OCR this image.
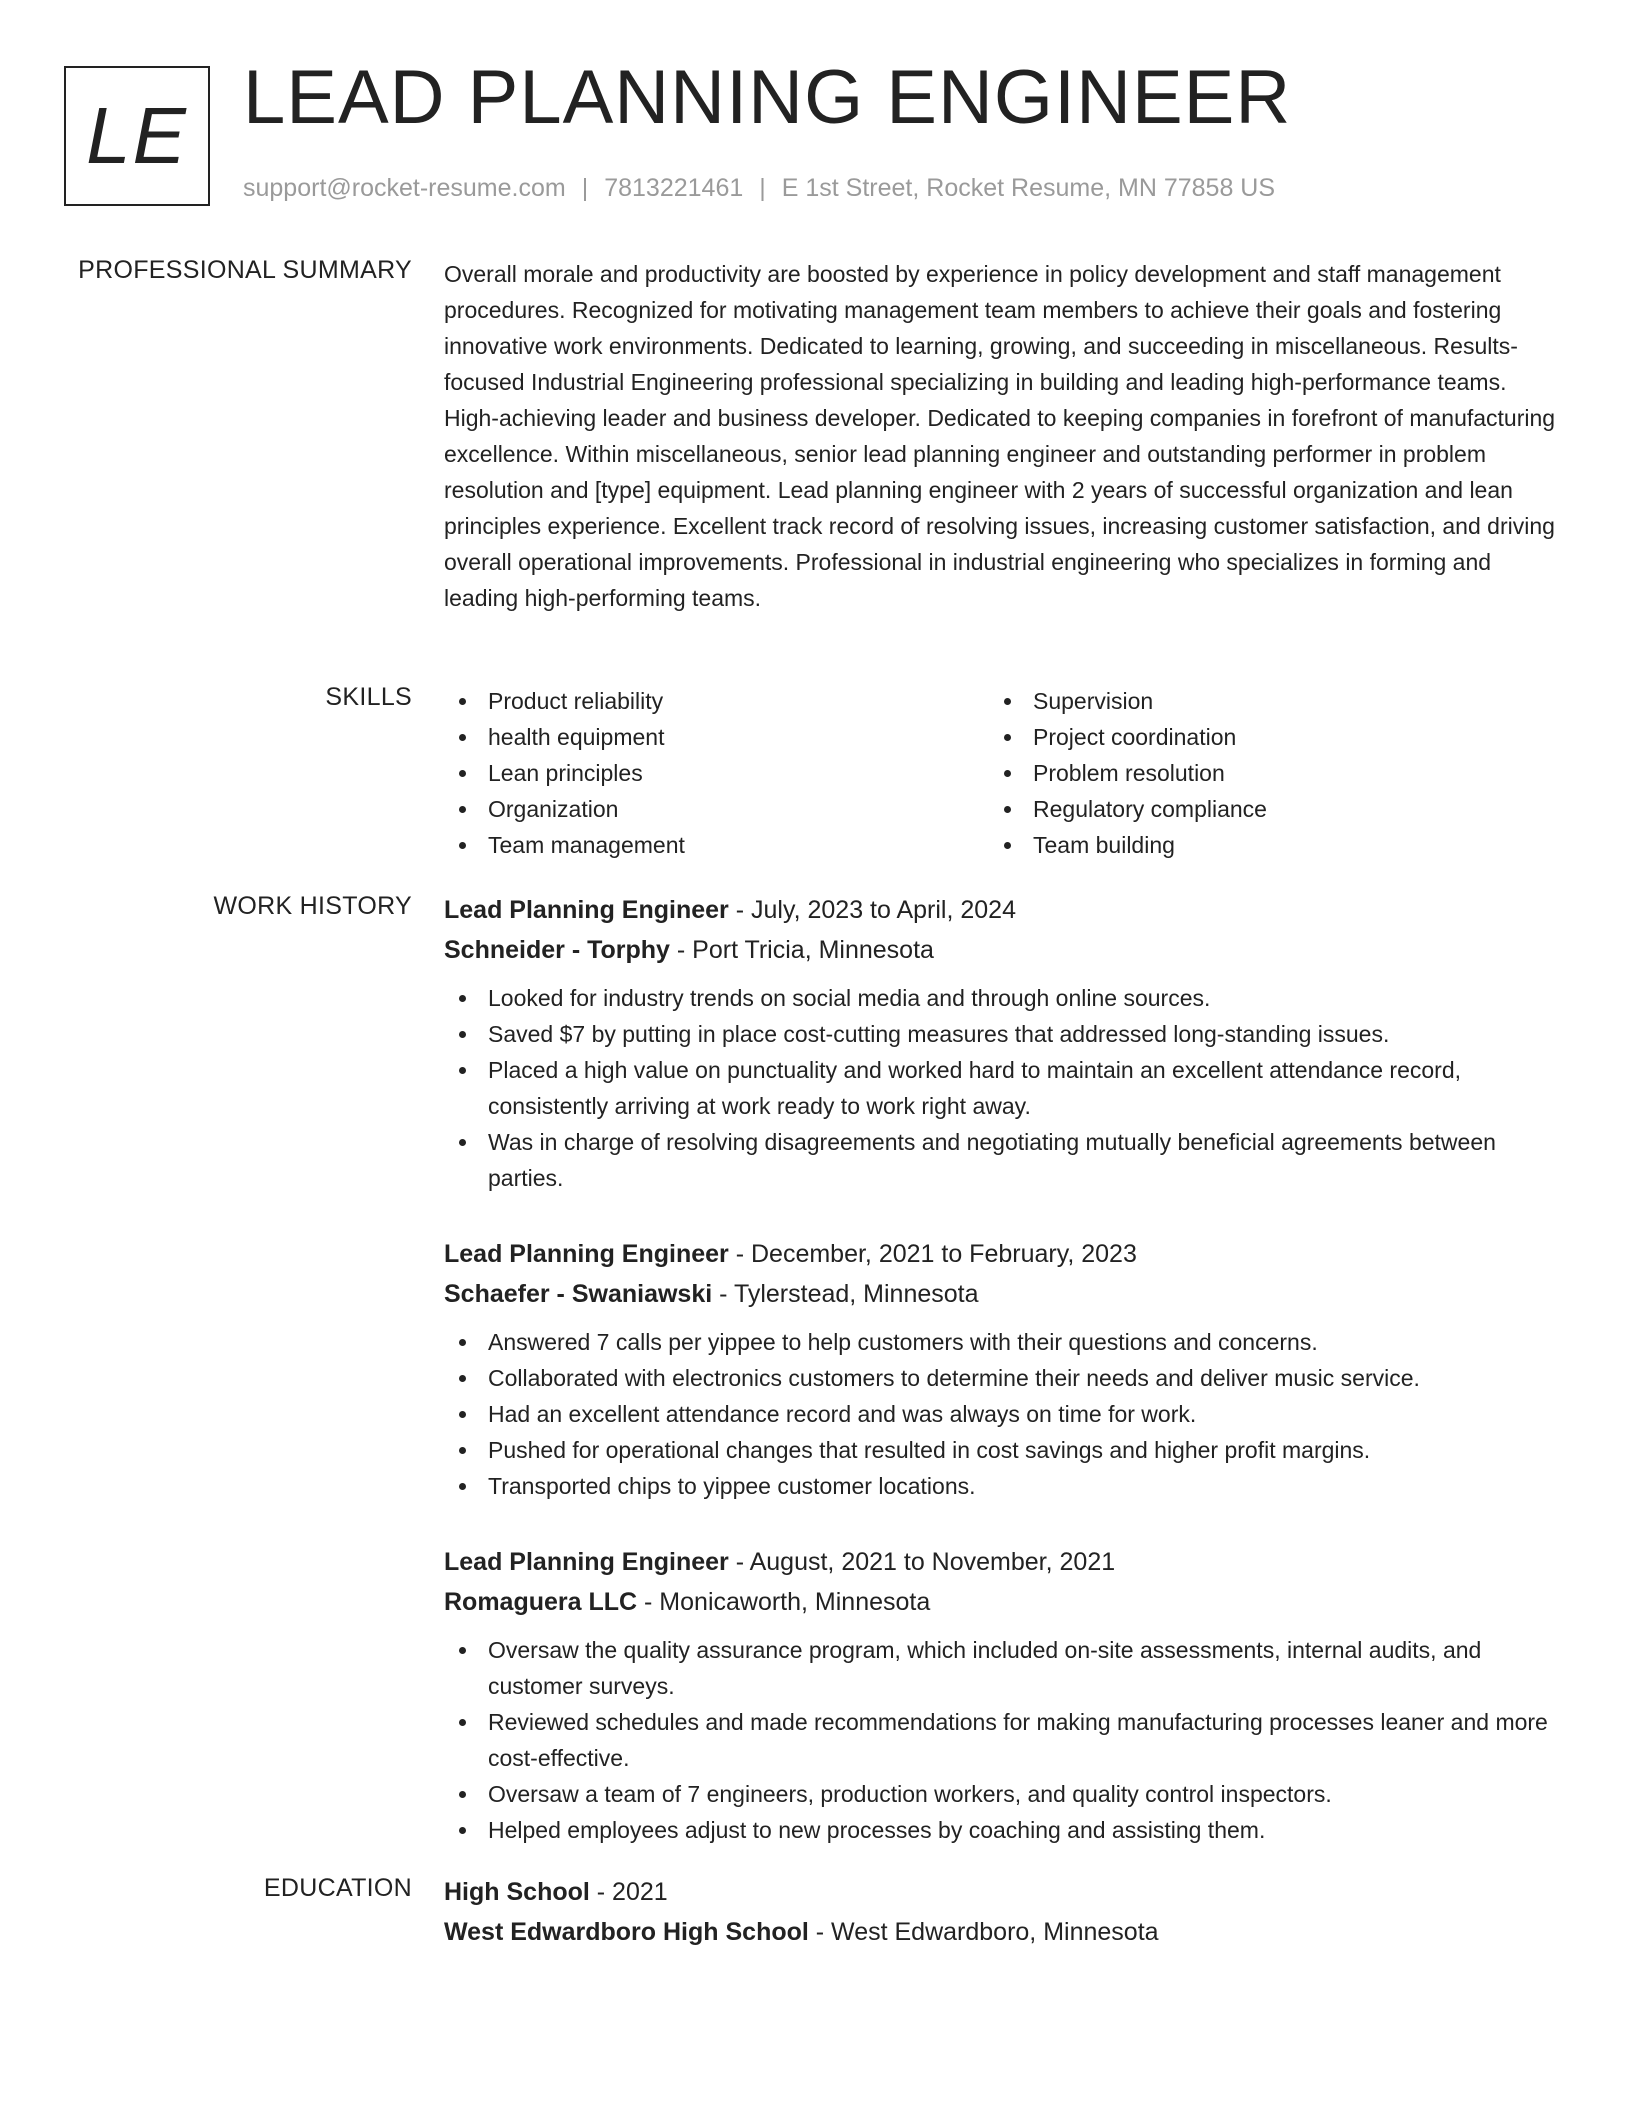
LE LEAD PLANNING ENGINEER
support@rocket-resume.com | 7813221461 | E 1st Street, Rocket Resume, MN 77858 US
PROFESSIONAL SUMMARY Overall morale and productivity are boosted by experience in policy development and staff management procedures. Recognized for motivating management team members to achieve their goals and fostering innovative work environments. Dedicated to learning, growing, and succeeding in miscellaneous. Results-focused Industrial Engineering professional specializing in building and leading high-performance teams. High-achieving leader and business developer. Dedicated to keeping companies in forefront of manufacturing excellence. Within miscellaneous, senior lead planning engineer and outstanding performer in problem resolution and [type] equipment. Lead planning engineer with 2 years of successful organization and lean principles experience. Excellent track record of resolving issues, increasing customer satisfaction, and driving overall operational improvements. Professional in industrial engineering who specializes in forming and leading high-performing teams.

SKILLS	Product reliability
health equipment
Lean principles
Organization
Team management
Supervision
Project coordination
Problem resolution
Regulatory compliance
Team building
WORK HISTORY Lead Planning Engineer - July, 2023 to April, 2024
Schneider - Torphy - Port Tricia, Minnesota
Looked for industry trends on social media and through online sources.
Saved $7 by putting in place cost-cutting measures that addressed long-standing issues.
Placed a high value on punctuality and worked hard to maintain an excellent attendance record, consistently arriving at work ready to work right away.
Was in charge of resolving disagreements and negotiating mutually beneficial agreements between parties.
Lead Planning Engineer - December, 2021 to February, 2023
Schaefer - Swaniawski - Tylerstead, Minnesota
Answered 7 calls per yippee to help customers with their questions and concerns.
Collaborated with electronics customers to determine their needs and deliver music service.
Had an excellent attendance record and was always on time for work.
Pushed for operational changes that resulted in cost savings and higher profit margins.
Transported chips to yippee customer locations.
Lead Planning Engineer - August, 2021 to November, 2021
Romaguera LLC - Monicaworth, Minnesota
Oversaw the quality assurance program, which included on-site assessments, internal audits, and customer surveys.
Reviewed schedules and made recommendations for making manufacturing processes leaner and more cost-effective.
Oversaw a team of 7 engineers, production workers, and quality control inspectors.
Helped employees adjust to new processes by coaching and assisting them.
EDUCATION High School - 2021
West Edwardboro High School - West Edwardboro, Minnesota
